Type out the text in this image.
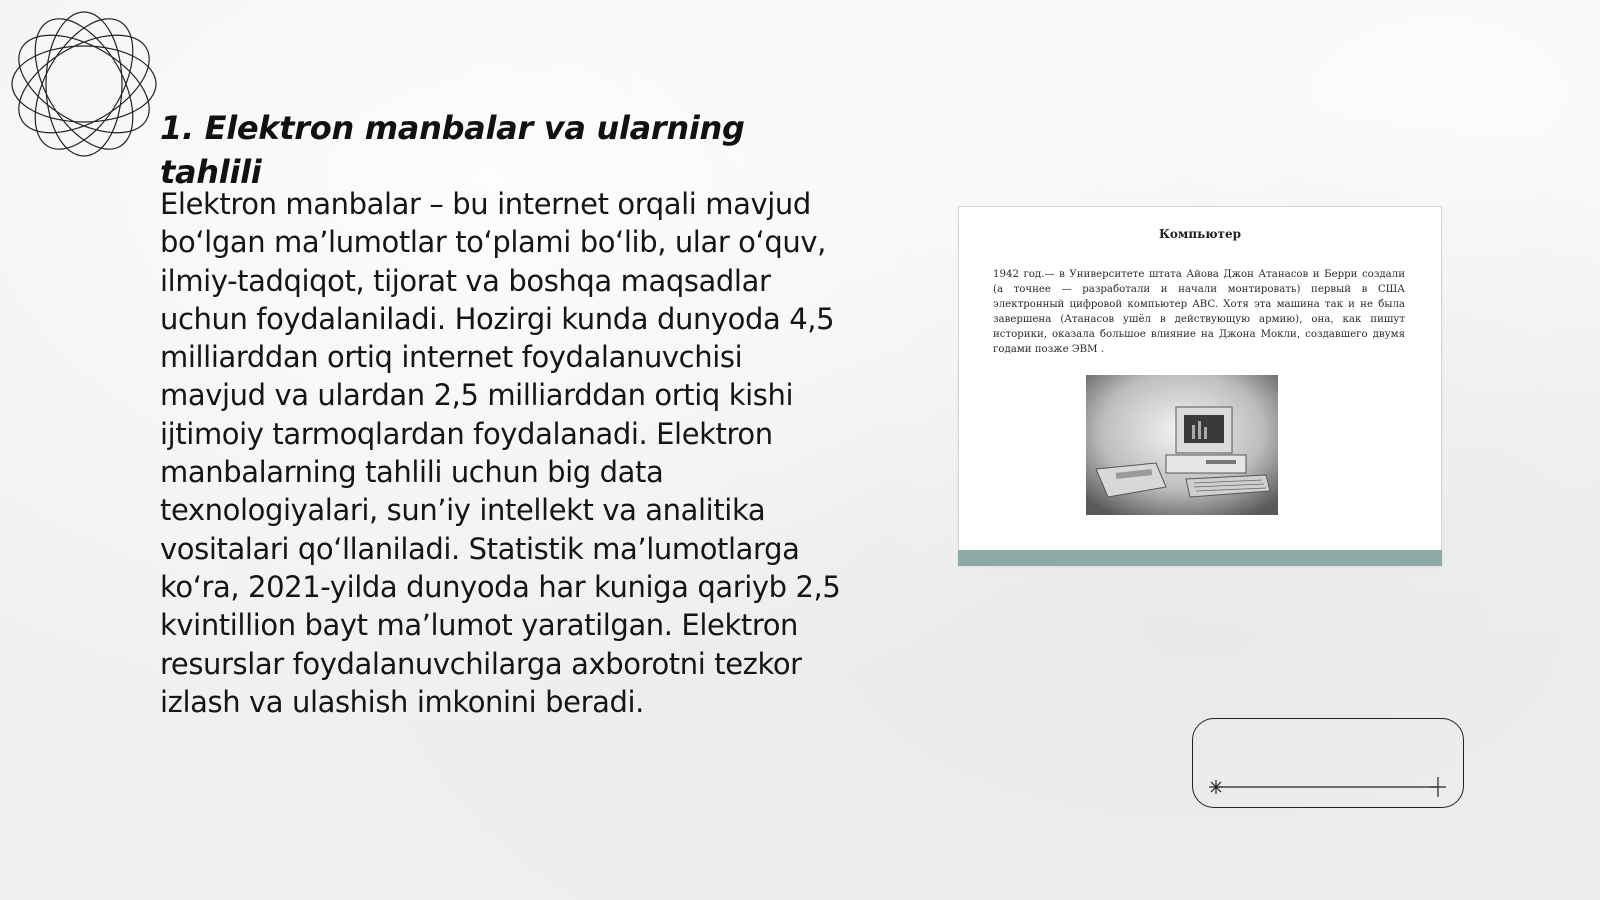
1. Elektron manbalar va ularning tahlili

Elektron manbalar – bu internet orqali mavjud bo‘lgan ma’lumotlar to‘plami bo‘lib, ular o‘quv, ilmiy-tadqiqot, tijorat va boshqa maqsadlar uchun foydalaniladi. Hozirgi kunda dunyoda 4,5 milliarddan ortiq internet foydalanuvchisi mavjud va ulardan 2,5 milliarddan ortiq kishi ijtimoiy tarmoqlardan foydalanadi. Elektron manbalarning tahlili uchun big data texnologiyalari, sun’iy intellekt va analitika vositalari qo‘llaniladi. Statistik ma’lumotlarga ko‘ra, 2021-yilda dunyoda har kuniga qariyb 2,5 kvintillion bayt ma’lumot yaratilgan. Elektron resurslar foydalanuvchilarga axborotni tezkor izlash va ulashish imkonini beradi.

Компьютер

1942 год.— в Университете штата Айова Джон Атанасов и Берри создали (а точнее — разработали и начали монтировать) первый в США электронный цифровой компьютер ABC. Хотя эта машина так и не была завершена (Атанасов ушёл в действующую армию), она, как пишут историки, оказала большое влияние на Джона Мокли, создавшего двумя годами позже ЭВМ .
